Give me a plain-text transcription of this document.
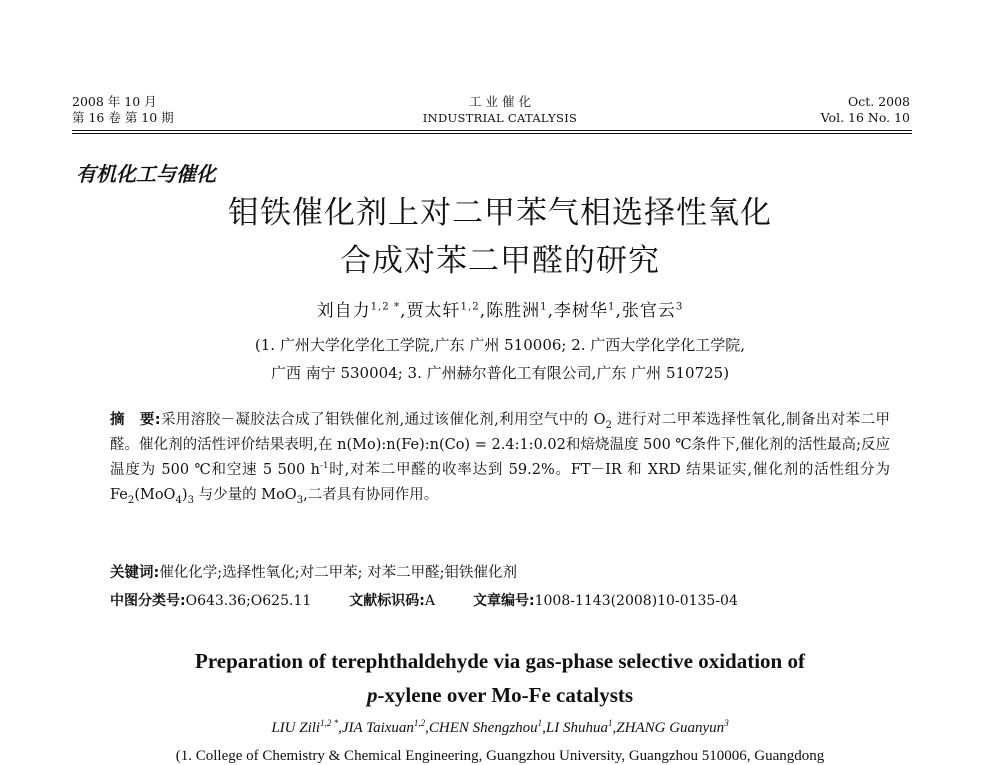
2008 年 10 月
第 16 卷 第 10 期
工 业 催 化
INDUSTRIAL CATALYSIS
Oct. 2008
Vol. 16 No. 10
有机化工与催化
钼铁催化剂上对二甲苯气相选择性氧化
合成对苯二甲醛的研究
刘自力$^{1,2 *}$,贾太轩$^{1,2}$,陈胜洲$^1$,李树华$^1$,张官云$^3$
(1. 广州大学化学化工学院,广东 广州 510006; 2. 广西大学化学化工学院,
广西 南宁 530004; 3. 广州赫尔普化工有限公司,广东 广州 510725)
摘　要:采用溶胶－凝胶法合成了钼铁催化剂,通过该催化剂,利用空气中的 $O_2$ 进行对二甲苯选择性氧化,制备出对苯二甲醛。催化剂的活性评价结果表明,在 n(Mo):n(Fe):n(Co) = 2.4:1:0.02和焙烧温度 500 ℃条件下,催化剂的活性最高;反应温度为 500 ℃和空速 5 500 $h^{-1}$时,对苯二甲醛的收率达到 59.2%。FT－IR 和 XRD 结果证实,催化剂的活性组分为 $Fe_2(MoO_4)_3$ 与少量的 MoO$_3$,二者具有协同作用。
关键词:催化化学;选择性氧化;对二甲苯; 对苯二甲醛;钼铁催化剂
中图分类号:O643.36;O625.11	文献标识码:A	文章编号:1008-1143(2008)10-0135-04
Preparation of terephthaldehyde via gas-phase selective oxidation of
p-xylene over Mo-Fe catalysts
LIU Zili$^{1,2 *}$,JIA Taixuan$^{1,2}$,CHEN Shengzhou$^1$,LI Shuhua$^1$,ZHANG Guanyun$^3$
(1. College of Chemistry & Chemical Engineering, Guangzhou University, Guangzhou 510006, Guangdong
